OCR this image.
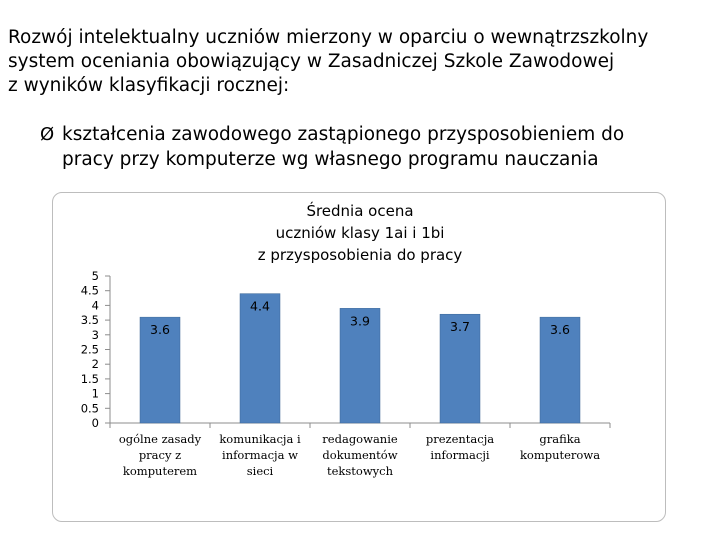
Rozwój intelektualny uczniów mierzony w oparciu o wewnątrzszkolny
system oceniania obowiązujący w Zasadniczej Szkole Zawodowej
z wyników klasyfikacji rocznej:
Ø kształcenia zawodowego zastąpionego przysposobieniem do
pracy przy komputerze wg własnego programu nauczania
Średnia ocena
uczniów klasy 1ai i 1bi
z przysposobienia do pracy
0
0.5
1
1.5
2
2.5
3
3.5
4
4.5
5
3.6
ogólne zasady
pracy z
komputerem
4.4
komunikacja i
informacja w
sieci
3.9
redagowanie
dokumentów
tekstowych
3.7
prezentacja
informacji
3.6
grafika
komputerowa
